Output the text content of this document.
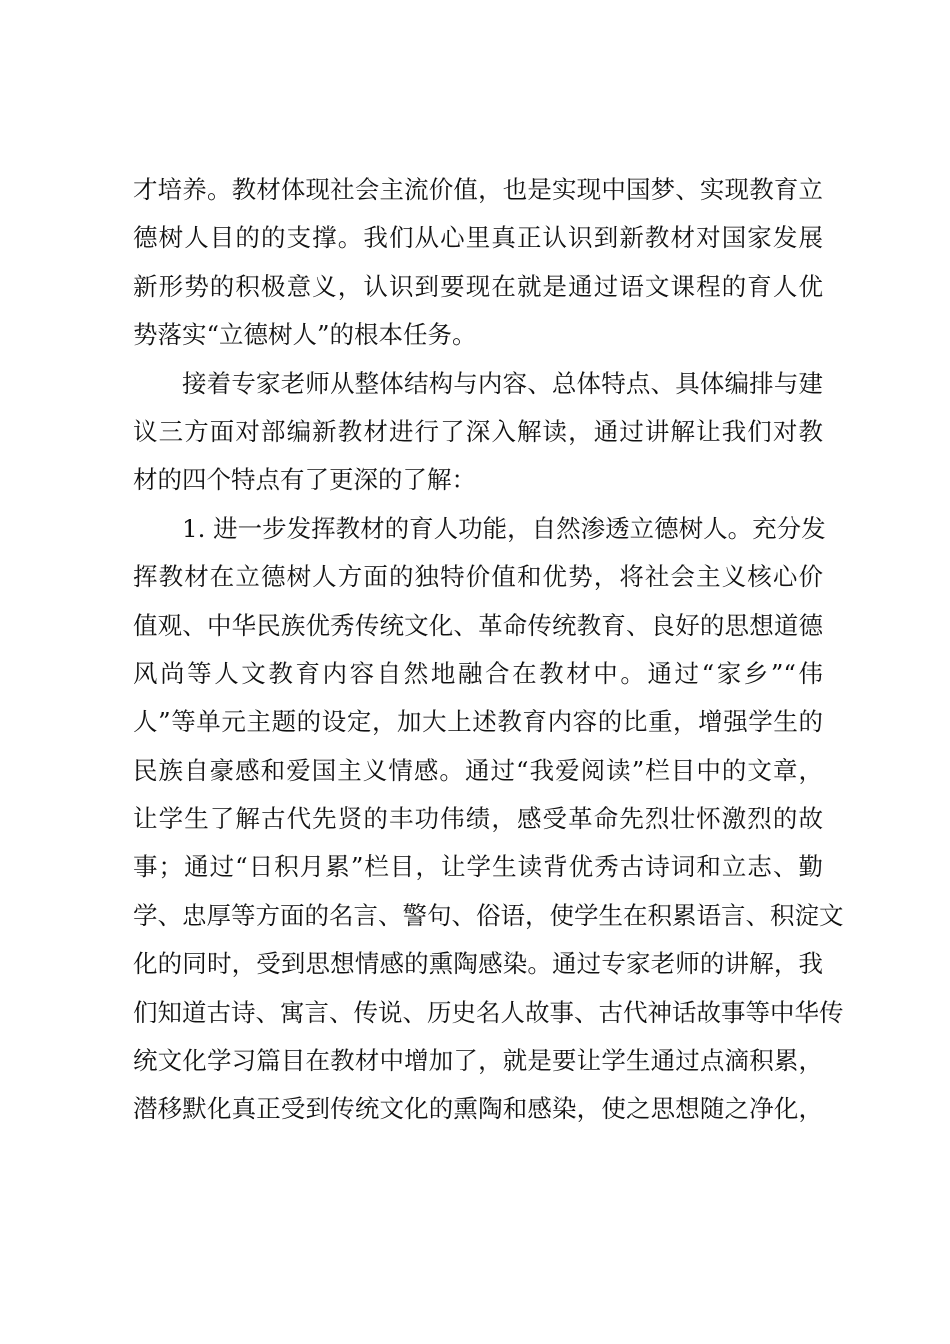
才培养。教材体现社会主流价值，也是实现中国梦、实现教育立
德树人目的的支撑。我们从心里真正认识到新教材对国家发展
新形势的积极意义，认识到要现在就是通过语文课程的育人优
势落实“立德树人”的根本任务。
接着专家老师从整体结构与内容、总体特点、具体编排与建
议三方面对部编新教材进行了深入解读，通过讲解让我们对教
材的四个特点有了更深的了解：
1. 进一步发挥教材的育人功能，自然渗透立德树人。充分发
挥教材在立德树人方面的独特价值和优势，将社会主义核心价
值观、中华民族优秀传统文化、革命传统教育、良好的思想道德
风尚等人文教育内容自然地融合在教材中。通过“家乡”“伟
人”等单元主题的设定，加大上述教育内容的比重，增强学生的
民族自豪感和爱国主义情感。通过“我爱阅读”栏目中的文章，
让学生了解古代先贤的丰功伟绩，感受革命先烈壮怀激烈的故
事；通过“日积月累”栏目，让学生读背优秀古诗词和立志、勤
学、忠厚等方面的名言、警句、俗语，使学生在积累语言、积淀文
化的同时，受到思想情感的熏陶感染。通过专家老师的讲解，我
们知道古诗、寓言、传说、历史名人故事、古代神话故事等中华传
统文化学习篇目在教材中增加了，就是要让学生通过点滴积累，
潜移默化真正受到传统文化的熏陶和感染，使之思想随之净化，
